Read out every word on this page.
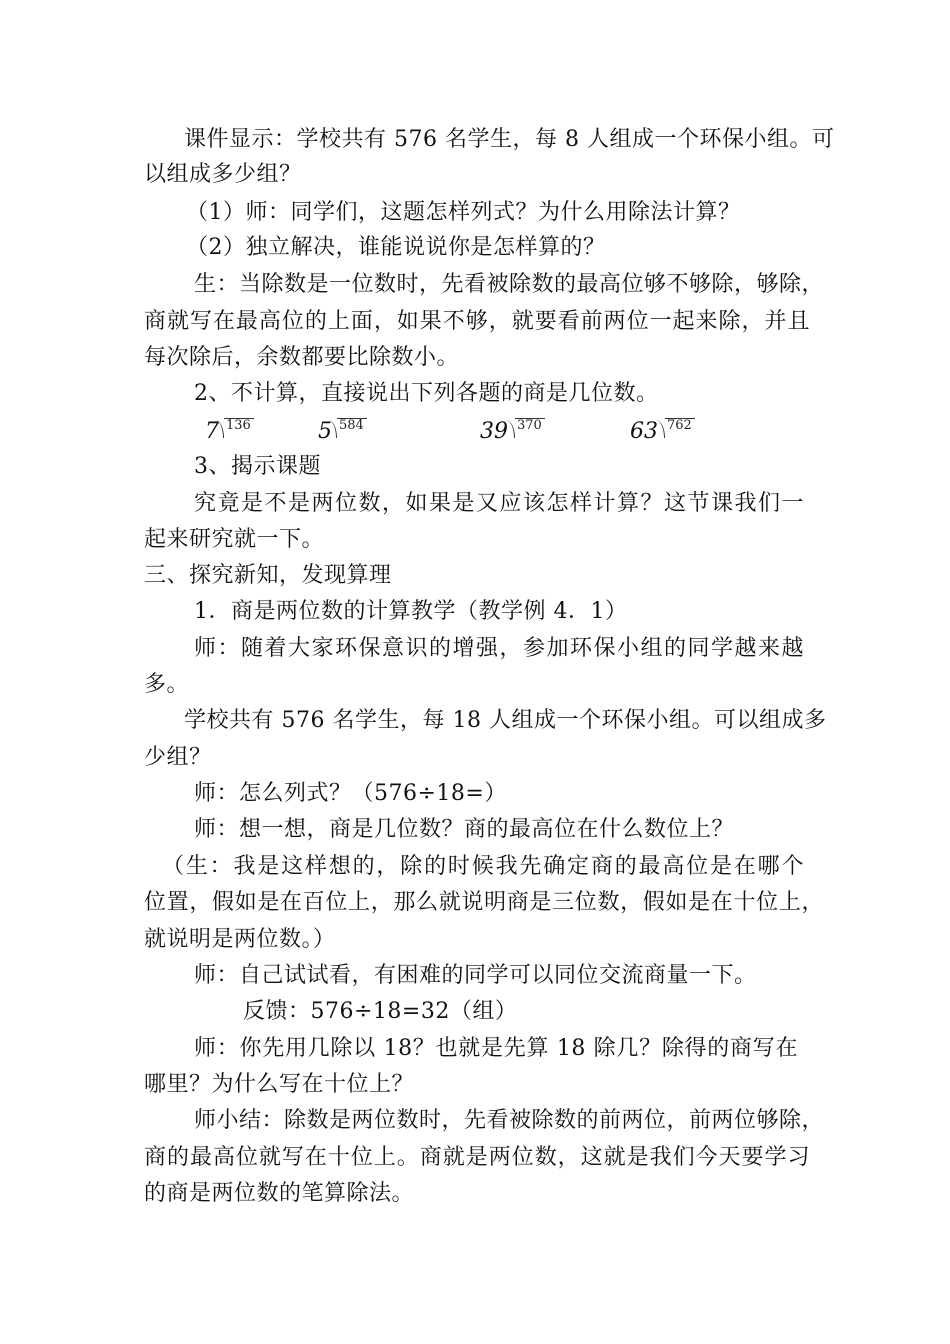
课件显示：学校共有 576 名学生，每 8 人组成一个环保小组。可
以组成多少组？
（1）师：同学们，这题怎样列式？为什么用除法计算？
（2）独立解决，谁能说说你是怎样算的？
生：当除数是一位数时，先看被除数的最高位够不够除，够除，
商就写在最高位的上面，如果不够，就要看前两位一起来除，并且
每次除后，余数都要比除数小。
2、不计算，直接说出下列各题的商是几位数。
7 136	5 584	39 370	63 762
3、揭示课题
究竟是不是两位数，如果是又应该怎样计算？这节课我们一
起来研究就一下。
三、探究新知，发现算理
1．商是两位数的计算教学（教学例 4．1）
师：随着大家环保意识的增强，参加环保小组的同学越来越
多。
学校共有 576 名学生，每 18 人组成一个环保小组。可以组成多
少组？
师：怎么列式？（576÷18=）
师：想一想，商是几位数？商的最高位在什么数位上？
（生：我是这样想的，除的时候我先确定商的最高位是在哪个
位置，假如是在百位上，那么就说明商是三位数，假如是在十位上，
就说明是两位数。）
师：自己试试看，有困难的同学可以同位交流商量一下。
反馈：576÷18=32（组）
师：你先用几除以 18？也就是先算 18 除几？除得的商写在
哪里？为什么写在十位上？
师小结：除数是两位数时，先看被除数的前两位，前两位够除，
商的最高位就写在十位上。商就是两位数，这就是我们今天要学习
的商是两位数的笔算除法。
